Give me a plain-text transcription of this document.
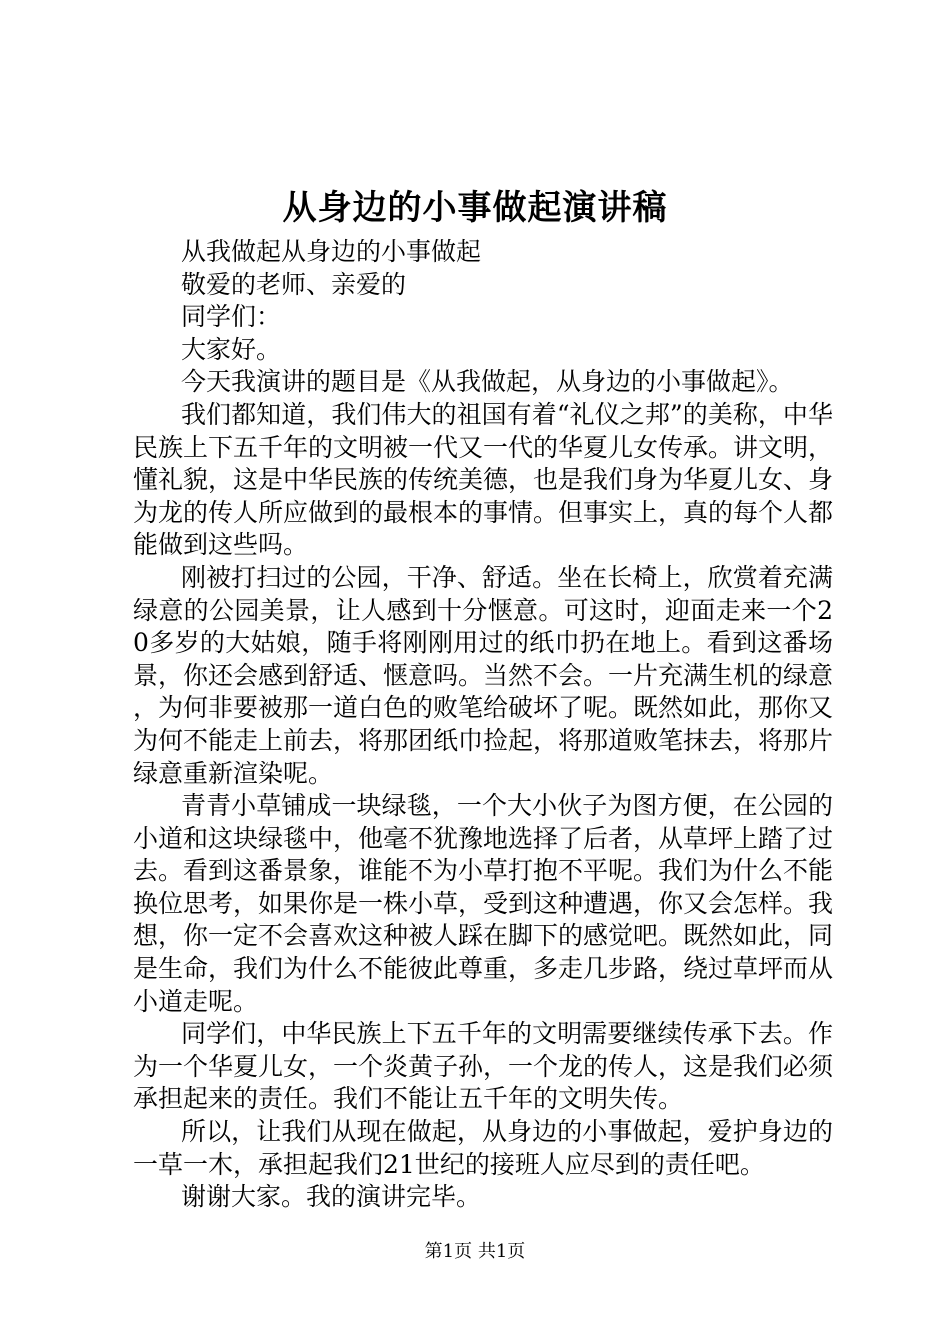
从身边的小事做起演讲稿

从我做起从身边的小事做起

敬爱的老师、亲爱的

同学们：

大家好。

今天我演讲的题目是《从我做起，从身边的小事做起》。

我们都知道，我们伟大的祖国有着“礼仪之邦”的美称，中华民族上下五千年的文明被一代又一代的华夏儿女传承。讲文明，懂礼貌，这是中华民族的传统美德，也是我们身为华夏儿女、身为龙的传人所应做到的最根本的事情。但事实上，真的每个人都能做到这些吗。

刚被打扫过的公园，干净、舒适。坐在长椅上，欣赏着充满绿意的公园美景，让人感到十分惬意。可这时，迎面走来一个20多岁的大姑娘，随手将刚刚用过的纸巾扔在地上。看到这番场景，你还会感到舒适、惬意吗。当然不会。一片充满生机的绿意，为何非要被那一道白色的败笔给破坏了呢。既然如此，那你又为何不能走上前去，将那团纸巾捡起，将那道败笔抹去，将那片绿意重新渲染呢。

青青小草铺成一块绿毯，一个大小伙子为图方便，在公园的小道和这块绿毯中，他毫不犹豫地选择了后者，从草坪上踏了过去。看到这番景象，谁能不为小草打抱不平呢。我们为什么不能换位思考，如果你是一株小草，受到这种遭遇，你又会怎样。我想，你一定不会喜欢这种被人踩在脚下的感觉吧。既然如此，同是生命，我们为什么不能彼此尊重，多走几步路，绕过草坪而从小道走呢。

同学们，中华民族上下五千年的文明需要继续传承下去。作为一个华夏儿女，一个炎黄子孙，一个龙的传人，这是我们必须承担起来的责任。我们不能让五千年的文明失传。

所以，让我们从现在做起，从身边的小事做起，爱护身边的一草一木，承担起我们21世纪的接班人应尽到的责任吧。

谢谢大家。我的演讲完毕。

第1页 共1页
